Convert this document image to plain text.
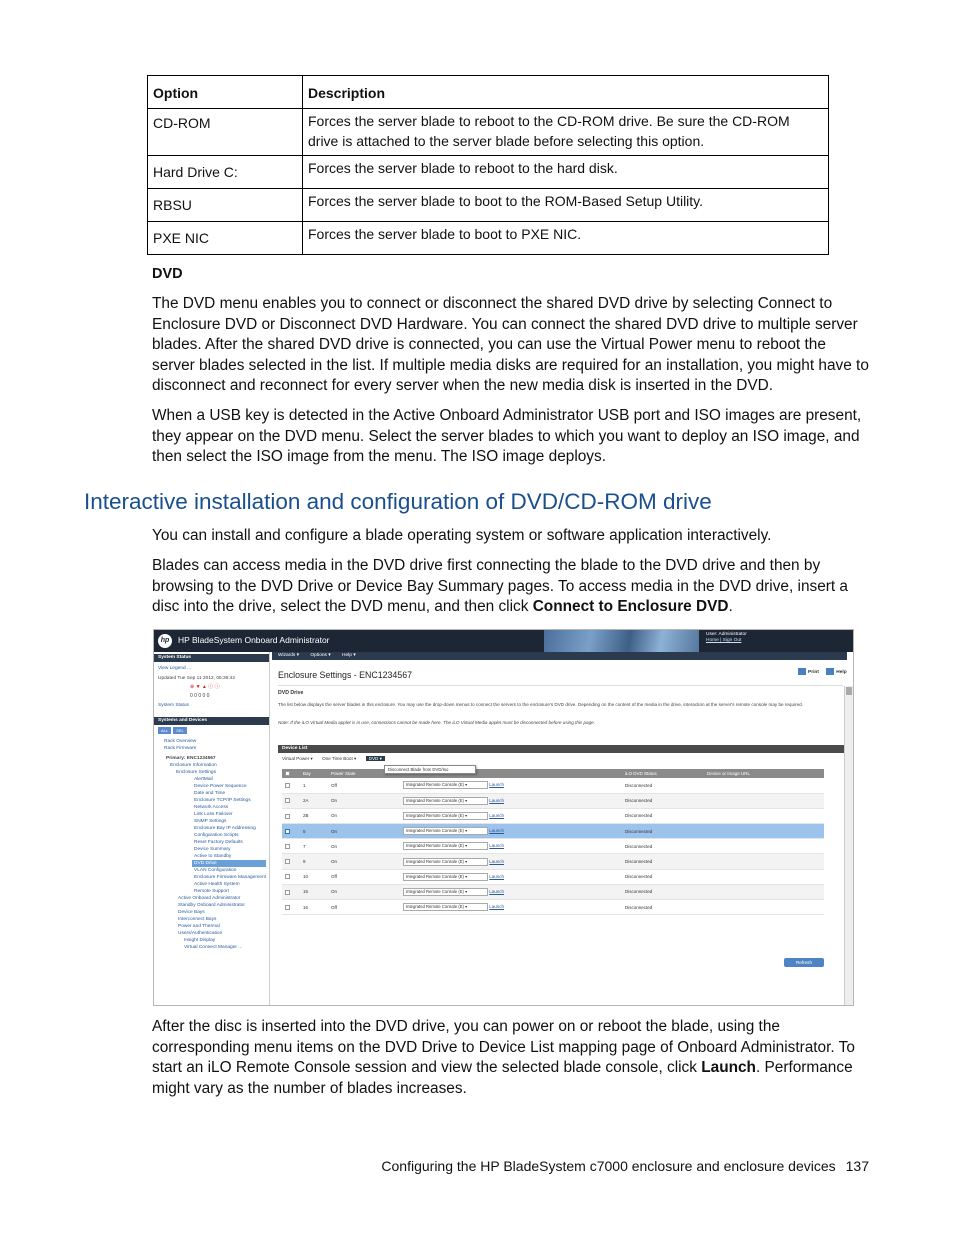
Option	Description
CD-ROM	Forces the server blade to reboot to the CD-ROM drive. Be sure the CD-ROM drive is attached to the server blade before selecting this option.
Hard Drive C:	Forces the server blade to reboot to the hard disk.
RBSU	Forces the server blade to boot to the ROM-Based Setup Utility.
PXE NIC	Forces the server blade to boot to PXE NIC.
DVD

The DVD menu enables you to connect or disconnect the shared DVD drive by selecting Connect to Enclosure DVD or Disconnect DVD Hardware. You can connect the shared DVD drive to multiple server blades. After the shared DVD drive is connected, you can use the Virtual Power menu to reboot the server blades selected in the list. If multiple media disks are required for an installation, you might have to disconnect and reconnect for every server when the new media disk is inserted in the DVD.

When a USB key is detected in the Active Onboard Administrator USB port and ISO images are present, they appear on the DVD menu. Select the server blades to which you want to deploy an ISO image, and then select the ISO image from the menu. The ISO image deploys.

Interactive installation and configuration of DVD/CD-ROM drive

You can install and configure a blade operating system or software application interactively.

Blades can access media in the DVD drive first connecting the blade to the DVD drive and then by browsing to the DVD Drive or Device Bay Summary pages. To access media in the DVD drive, insert a disc into the drive, select the DVD menu, and then click Connect to Enclosure DVD.

hp	HP BladeSystem Onboard Administrator
User: Administrator
Home | Sign Out
System Status
View Legend ...
Updated Tue Sep 11 2012, 05:36:42
⊗ ▼ ▲ ⓘ ⓘ
0 0 0 0 0
System Status
Systems and Devices
ALL SEL
Rack Overview
Rack Firmware
Primary: ENC1234567
Enclosure Information
Enclosure Settings
AlertMail
Device Power Sequence
Date and Time
Enclosure TCP/IP Settings
Network Access
Link Loss Failover
SNMP Settings
Enclosure Bay IP Addressing
Configuration Scripts
Reset Factory Defaults
Device Summary
Active to Standby
DVD Drive
VLAN Configuration
Enclosure Firmware Management
Active Health System
Remote Support
Active Onboard Administrator
Standby Onboard Administrator
Device Bays
Interconnect Bays
Power and Thermal
Users/Authentication
Insight Display
Virtual Connect Manager ...
Wizards ▾ Options ▾ Help ▾
Enclosure Settings - ENC1234567	Print	Help
DVD Drive
The list below displays the server blades in this enclosure. You may use the drop-down menus to connect the servers to the enclosure's DVD drive. Depending on the content of the media in the drive, interaction at the server's remote console may be required.
Note: If the iLO Virtual Media applet is in use, connections cannot be made here. The iLO Virtual Media applet must be disconnected before using this page.
Device List
Virtual Power ▾ One Time Boot ▾	DVD ▾
Disconnect Blade from DVD/Iso
	Bay	Power State		iLO DVD Status	Device or Image URL
	1	Off	Integrated Remote Console (E) ▾ Launch	Disconnected	
	2A	On	Integrated Remote Console (E) ▾ Launch	Disconnected	
	2B	On	Integrated Remote Console (E) ▾ Launch	Disconnected	
	5	On	Integrated Remote Console (E) ▾ Launch	Disconnected	
	7	On	Integrated Remote Console (E) ▾ Launch	Disconnected	
	9	On	Integrated Remote Console (E) ▾ Launch	Disconnected	
	10	Off	Integrated Remote Console (E) ▾ Launch	Disconnected	
	15	On	Integrated Remote Console (E) ▾ Launch	Disconnected	
	16	Off	Integrated Remote Console (E) ▾ Launch	Disconnected	
Refresh

After the disc is inserted into the DVD drive, you can power on or reboot the blade, using the corresponding menu items on the DVD Drive to Device List mapping page of Onboard Administrator. To start an iLO Remote Console session and view the selected blade console, click Launch. Performance might vary as the number of blades increases.

Configuring the HP BladeSystem c7000 enclosure and enclosure devices 137
